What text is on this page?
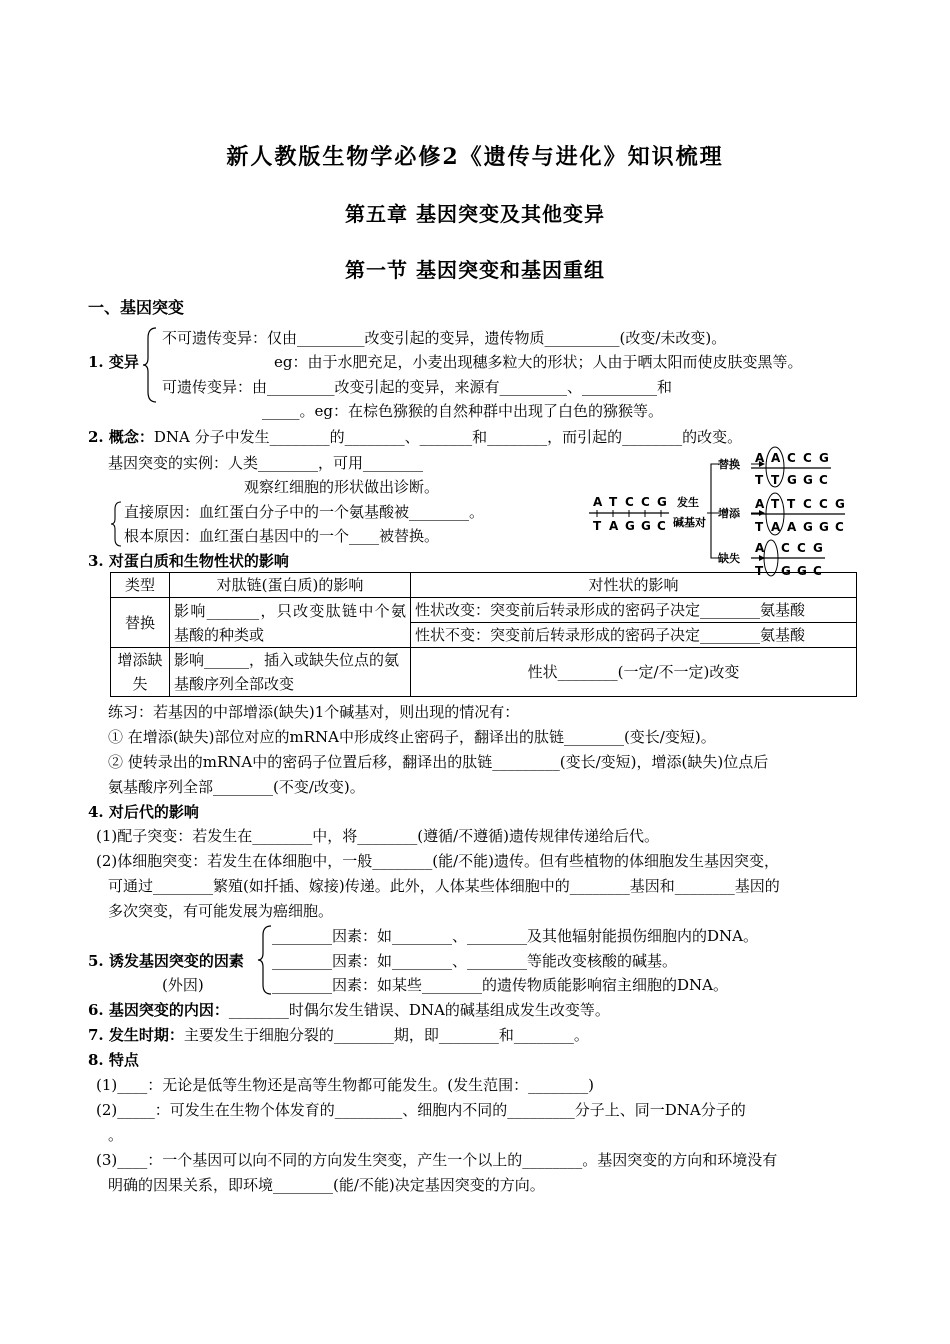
新人教版生物学必修2《遗传与进化》知识梳理
第五章 基因突变及其他变异
第一节 基因突变和基因重组
一、基因突变
1. 变异
不可遗传变异：仅由_________改变引起的变异，遗传物质__________(改变/未改变)。
eg：由于水肥充足，小麦出现穗多粒大的形状；人由于晒太阳而使皮肤变黑等。
可遗传变异：由_________改变引起的变异，来源有_________、__________和
_____。eg：在棕色猕猴的自然种群中出现了白色的猕猴等。
2. 概念：DNA 分子中发生________的________、_______和________，而引起的________的改变。
基因突变的实例：人类________，可用________
观察红细胞的形状做出诊断。
直接原因：血红蛋白分子中的一个氨基酸被________。
根本原因：血红蛋白基因中的一个____被替换。
A T C C G
T A G G C
发生
碱基对
替换
增添
缺失
A A C C G
T T G G C
A T T C C G
T A A G G C
A C C G
T G G C
3. 对蛋白质和生物性状的影响
类型	对肽链(蛋白质)的影响	对性状的影响
替换	影响_______，只改变肽链中个氨基酸的种类或	性状改变：突变前后转录形成的密码子决定________氨基酸
		性状不变：突变前后转录形成的密码子决定________氨基酸
增添缺失	影响______，插入或缺失位点的氨基酸序列全部改变	性状________(一定/不一定)改变
练习：若基因的中部增添(缺失)1个碱基对，则出现的情况有：
① 在增添(缺失)部位对应的mRNA中形成终止密码子，翻译出的肽链________(变长/变短)。
② 使转录出的mRNA中的密码子位置后移，翻译出的肽链_________(变长/变短)，增添(缺失)位点后
氨基酸序列全部________(不变/改变)。
4. 对后代的影响
(1)配子突变：若发生在________中，将________(遵循/不遵循)遗传规律传递给后代。
(2)体细胞突变：若发生在体细胞中，一般________(能/不能)遗传。但有些植物的体细胞发生基因突变，
可通过________繁殖(如扦插、嫁接)传递。此外，人体某些体细胞中的________基因和________基因的
多次突变，有可能发展为癌细胞。
5. 诱发基因突变的因素
(外因)
________因素：如________、________及其他辐射能损伤细胞内的DNA。
________因素：如________、________等能改变核酸的碱基。
________因素：如某些________的遗传物质能影响宿主细胞的DNA。
6. 基因突变的内因：________时偶尔发生错误、DNA的碱基组成发生改变等。
7. 发生时期：主要发生于细胞分裂的________期，即________和________。
8. 特点
(1)____：无论是低等生物还是高等生物都可能发生。(发生范围：________)
(2)_____：可发生在生物个体发育的_________、细胞内不同的_________分子上、同一DNA分子的
。
(3)____：一个基因可以向不同的方向发生突变，产生一个以上的________。基因突变的方向和环境没有
明确的因果关系，即环境________(能/不能)决定基因突变的方向。
